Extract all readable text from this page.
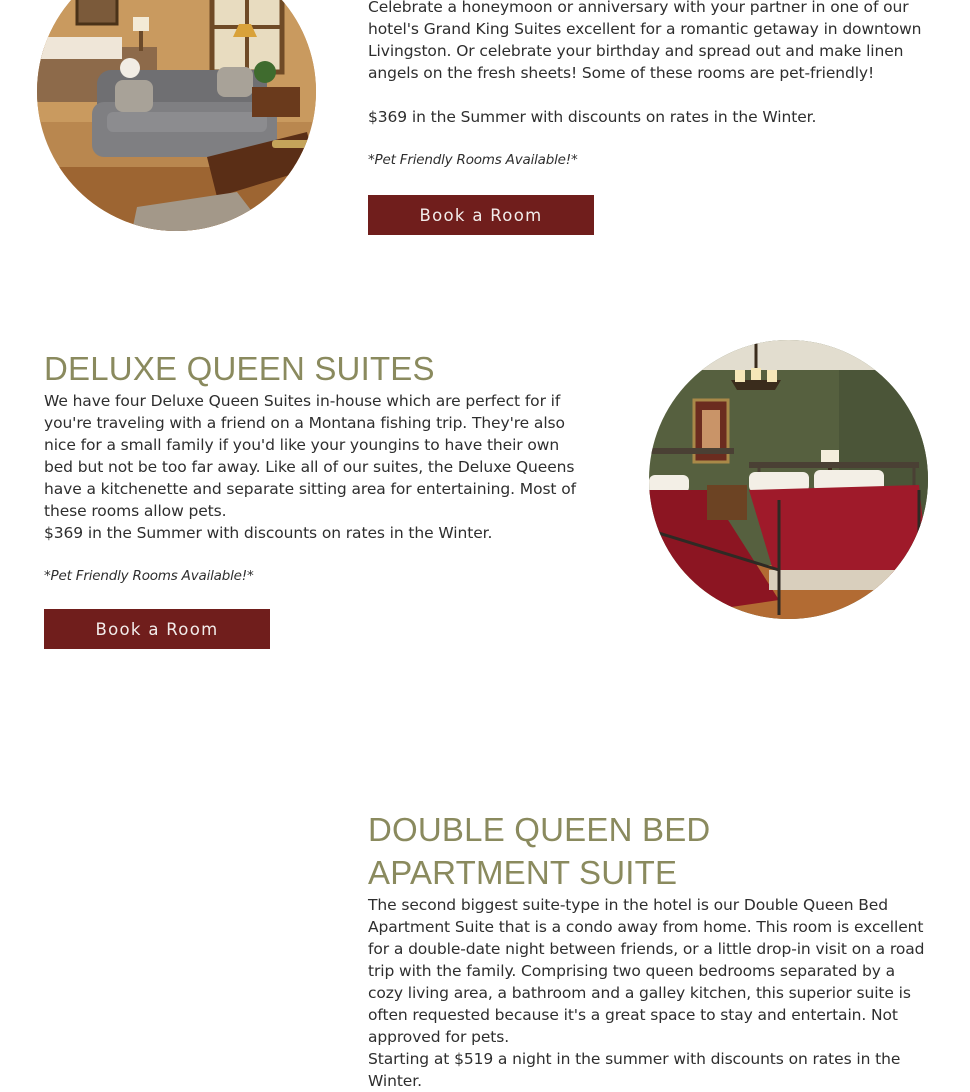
Celebrate a honeymoon or anniversary with your partner in one of our hotel's Grand King Suites excellent for a romantic getaway in downtown Livingston. Or celebrate your birthday and spread out and make linen angels on the fresh sheets! Some of these rooms are pet-friendly!

$369 in the Summer with discounts on rates in the Winter.

*Pet Friendly Rooms Available!*

Book a Room
DELUXE QUEEN SUITES

We have four Deluxe Queen Suites in-house which are perfect for if you're traveling with a friend on a Montana fishing trip. They're also nice for a small family if you'd like your youngins to have their own bed but not be too far away. Like all of our suites, the Deluxe Queens have a kitchenette and separate sitting area for entertaining. Most of these rooms allow pets.

$369 in the Summer with discounts on rates in the Winter.

*Pet Friendly Rooms Available!*

Book a Room
DOUBLE QUEEN BED APARTMENT SUITE

The second biggest suite-type in the hotel is our Double Queen Bed Apartment Suite that is a condo away from home. This room is excellent for a double-date night between friends, or a little drop-in visit on a road trip with the family. Comprising two queen bedrooms separated by a cozy living area, a bathroom and a galley kitchen, this superior suite is often requested because it's a great space to stay and entertain. Not approved for pets.

Starting at $519 a night in the summer with discounts on rates in the Winter.
